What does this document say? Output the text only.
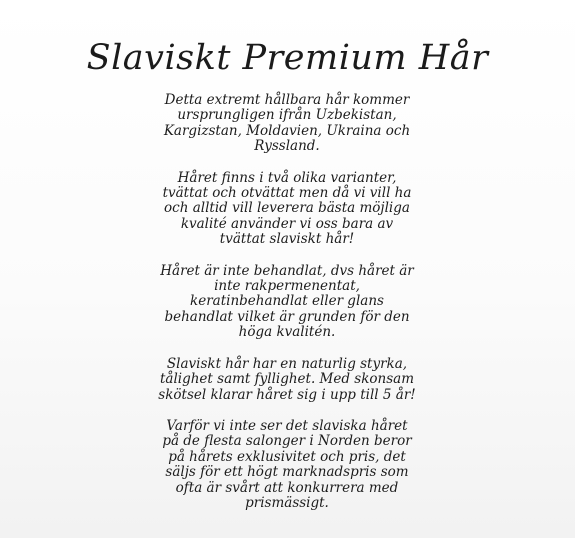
Slaviskt Premium Hår

Detta extremt hållbara hår kommer
ursprungligen ifrån Uzbekistan,
Kargizstan, Moldavien, Ukraina och
Ryssland.

Håret finns i två olika varianter,
tvättat och otvättat men då vi vill ha
och alltid vill leverera bästa möjliga
kvalité använder vi oss bara av
tvättat slaviskt hår!

Håret är inte behandlat, dvs håret är
inte rakpermenentat,
keratinbehandlat eller glans
behandlat vilket är grunden för den
höga kvalitén.

Slaviskt hår har en naturlig styrka,
tålighet samt fyllighet. Med skonsam
skötsel klarar håret sig i upp till 5 år!

Varför vi inte ser det slaviska håret
på de flesta salonger i Norden beror
på hårets exklusivitet och pris, det
säljs för ett högt marknadspris som
ofta är svårt att konkurrera med
prismässigt.
